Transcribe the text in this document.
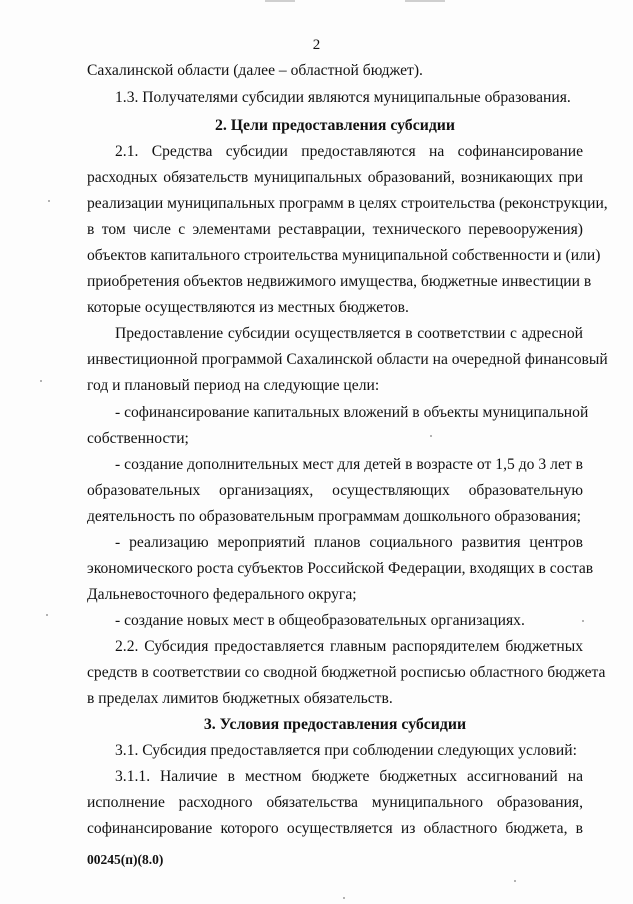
2
Сахалинской области (далее – областной бюджет).
1.3. Получателями субсидии являются муниципальные образования.
2. Цели предоставления субсидии
2.1. Средства субсидии предоставляются на софинансирование
расходных обязательств муниципальных образований, возникающих при
реализации муниципальных программ в целях строительства (реконструкции,
в том числе с элементами реставрации, технического перевооружения)
объектов капитального строительства муниципальной собственности и (или)
приобретения объектов недвижимого имущества, бюджетные инвестиции в
которые осуществляются из местных бюджетов.
Предоставление субсидии осуществляется в соответствии с адресной
инвестиционной программой Сахалинской области на очередной финансовый
год и плановый период на следующие цели:
- софинансирование капитальных вложений в объекты муниципальной
собственности;
- создание дополнительных мест для детей в возрасте от 1,5 до 3 лет в
образовательных организациях, осуществляющих образовательную
деятельность по образовательным программам дошкольного образования;
- реализацию мероприятий планов социального развития центров
экономического роста субъектов Российской Федерации, входящих в состав
Дальневосточного федерального округа;
- создание новых мест в общеобразовательных организациях.
2.2. Субсидия предоставляется главным распорядителем бюджетных
средств в соответствии со сводной бюджетной росписью областного бюджета
в пределах лимитов бюджетных обязательств.
3. Условия предоставления субсидии
3.1. Субсидия предоставляется при соблюдении следующих условий:
3.1.1. Наличие в местном бюджете бюджетных ассигнований на
исполнение расходного обязательства муниципального образования,
софинансирование которого осуществляется из областного бюджета, в
00245(п)(8.0)
